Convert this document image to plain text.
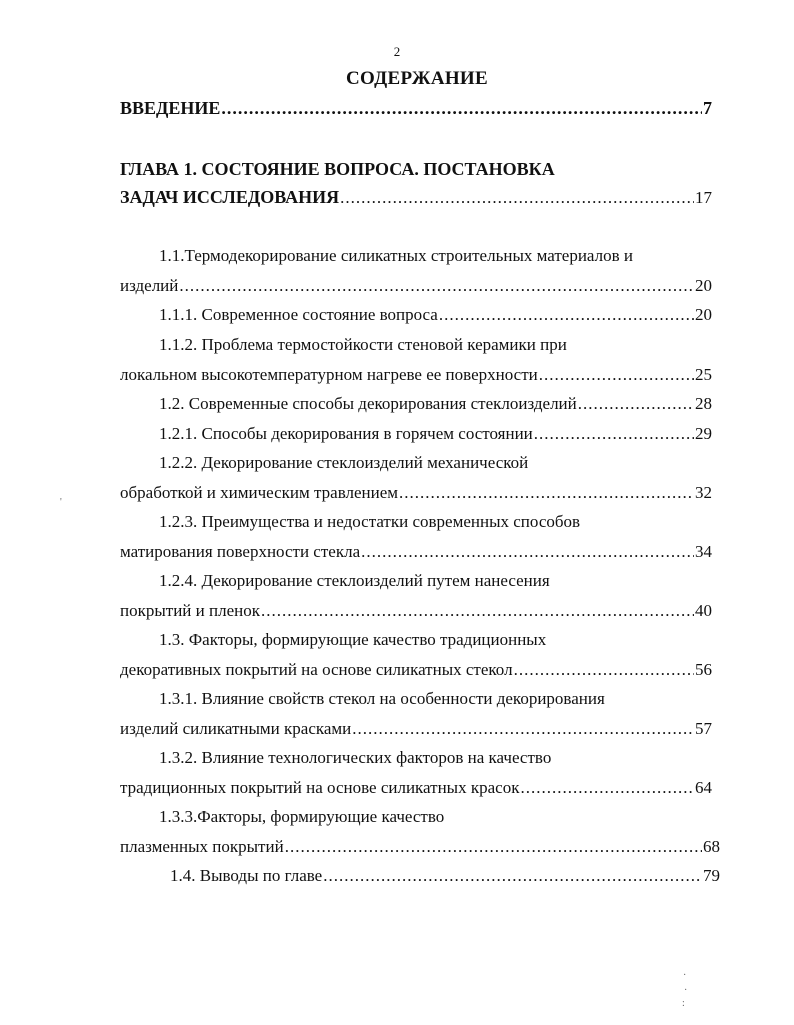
2
СОДЕРЖАНИЕ
ВВЕДЕНИЕ .....	7
ГЛАВА 1. СОСТОЯНИЕ ВОПРОСА. ПОСТАНОВКА
ЗАДАЧ ИССЛЕДОВАНИЯ .....	17
1.1.Термодекорирование силикатных строительных материалов и
изделий .....	20
1.1.1. Современное состояние вопроса .....	20
1.1.2. Проблема термостойкости стеновой керамики при
локальном высокотемпературном нагреве ее поверхности .....	25
1.2. Современные способы декорирования стеклоизделий .....	28
1.2.1. Способы декорирования в горячем состоянии .....	29
1.2.2. Декорирование стеклоизделий механической
обработкой и химическим травлением .....	32
1.2.3. Преимущества и недостатки современных способов
матирования поверхности стекла .....	34
1.2.4. Декорирование стеклоизделий путем нанесения
покрытий и пленок .....	40
1.3. Факторы, формирующие качество традиционных
декоративных покрытий на основе силикатных стекол .....	56
1.3.1. Влияние свойств стекол на особенности декорирования
изделий силикатными красками .....	57
1.3.2. Влияние технологических факторов на качество
традиционных покрытий на основе силикатных красок .....	64
1.3.3.Факторы, формирующие качество
плазменных покрытий .....	68
1.4. Выводы по главе .....	79
'
·
·
:
